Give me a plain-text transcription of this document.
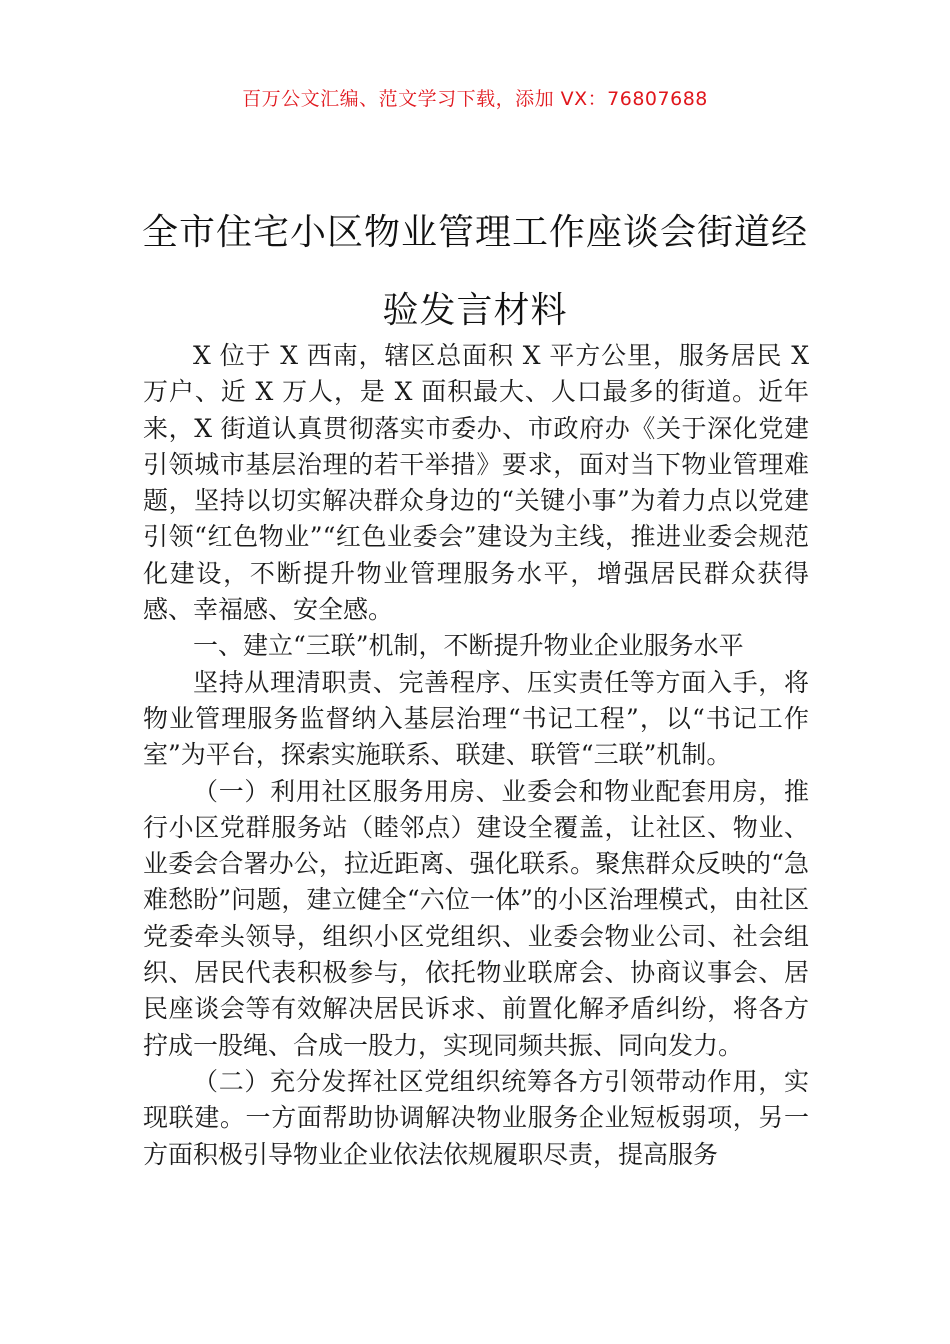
百万公文汇编、范文学习下载，添加 VX：76807688
全市住宅小区物业管理工作座谈会街道经验发言材料

X 位于 X 西南，辖区总面积 X 平方公里，服务居民 X 万户、近 X 万人，是 X 面积最大、人口最多的街道。近年来，X 街道认真贯彻落实市委办、市政府办《关于深化党建引领城市基层治理的若干举措》要求，面对当下物业管理难题，坚持以切实解决群众身边的“关键小事”为着力点以党建引领“红色物业”“红色业委会”建设为主线，推进业委会规范化建设，不断提升物业管理服务水平，增强居民群众获得感、幸福感、安全感。

一、建立“三联”机制，不断提升物业企业服务水平

坚持从理清职责、完善程序、压实责任等方面入手，将物业管理服务监督纳入基层治理“书记工程”，以“书记工作室”为平台，探索实施联系、联建、联管“三联”机制。

（一）利用社区服务用房、业委会和物业配套用房，推行小区党群服务站（睦邻点）建设全覆盖，让社区、物业、业委会合署办公，拉近距离、强化联系。聚焦群众反映的“急难愁盼”问题，建立健全“六位一体”的小区治理模式，由社区党委牵头领导，组织小区党组织、业委会物业公司、社会组织、居民代表积极参与，依托物业联席会、协商议事会、居民座谈会等有效解决居民诉求、前置化解矛盾纠纷，将各方拧成一股绳、合成一股力，实现同频共振、同向发力。

（二）充分发挥社区党组织统筹各方引领带动作用，实现联建。一方面帮助协调解决物业服务企业短板弱项，另一方面积极引导物业企业依法依规履职尽责，提高服务
